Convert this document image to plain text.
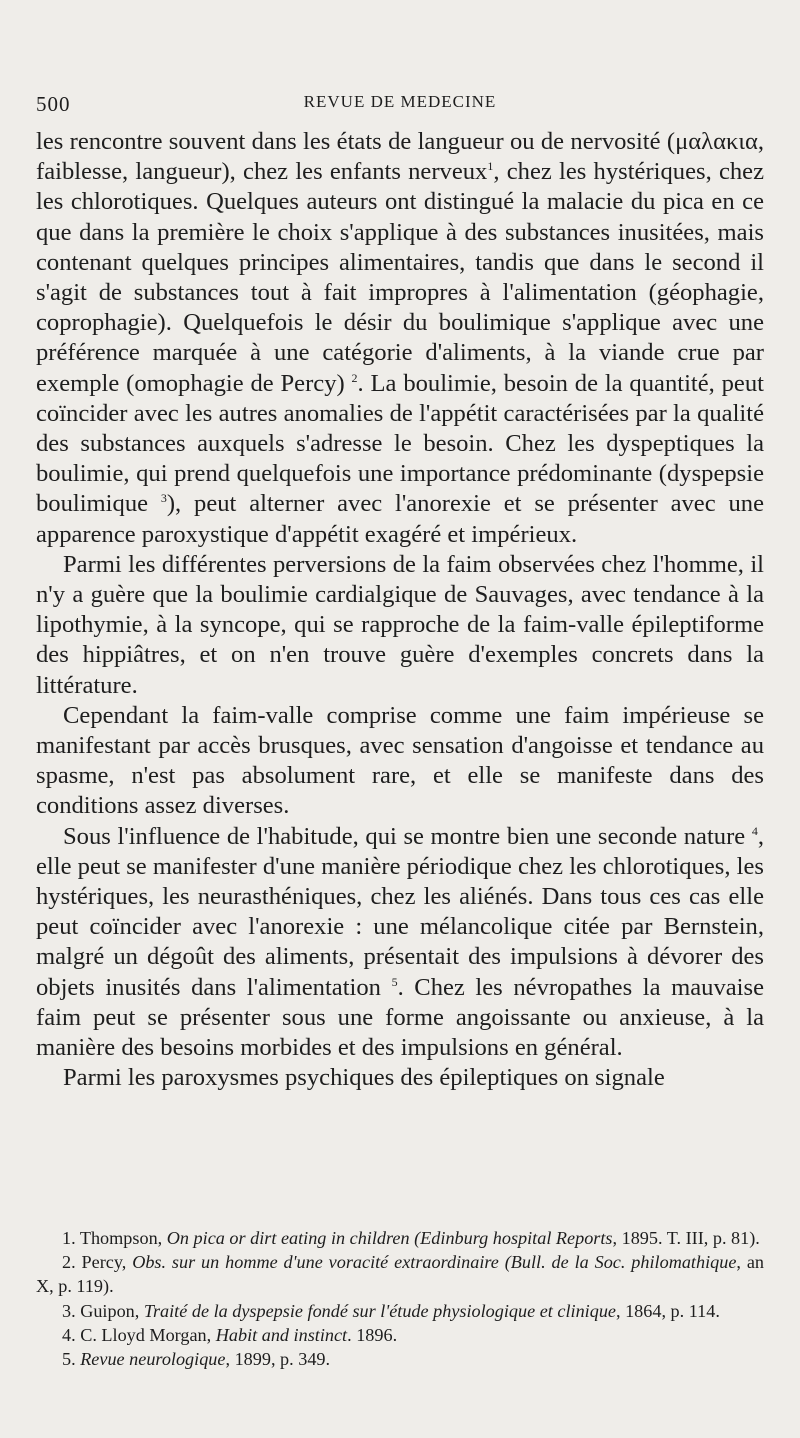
500	REVUE DE MEDECINE

les rencontre souvent dans les états de langueur ou de nervosité (μαλακια, faiblesse, langueur), chez les enfants nerveux$^1$, chez les hystériques, chez les chlorotiques. Quelques auteurs ont distingué la malacie du pica en ce que dans la première le choix s'applique à des substances inusitées, mais contenant quelques principes alimentaires, tandis que dans le second il s'agit de substances tout à fait impropres à l'alimentation (géophagie, coprophagie). Quelquefois le désir du boulimique s'applique avec une préférence marquée à une catégorie d'aliments, à la viande crue par exemple (omophagie de Percy) $^2$. La boulimie, besoin de la quantité, peut coïncider avec les autres anomalies de l'appétit caractérisées par la qualité des substances auxquels s'adresse le besoin. Chez les dyspeptiques la boulimie, qui prend quelquefois une importance prédominante (dyspepsie boulimique $^3$), peut alterner avec l'anorexie et se présenter avec une apparence paroxystique d'appétit exagéré et impérieux.

Parmi les différentes perversions de la faim observées chez l'homme, il n'y a guère que la boulimie cardialgique de Sauvages, avec tendance à la lipothymie, à la syncope, qui se rapproche de la faim-valle épileptiforme des hippiâtres, et on n'en trouve guère d'exemples concrets dans la littérature.

Cependant la faim-valle comprise comme une faim impérieuse se manifestant par accès brusques, avec sensation d'angoisse et tendance au spasme, n'est pas absolument rare, et elle se manifeste dans des conditions assez diverses.

Sous l'influence de l'habitude, qui se montre bien une seconde nature $^4$, elle peut se manifester d'une manière périodique chez les chlorotiques, les hystériques, les neurasthéniques, chez les aliénés. Dans tous ces cas elle peut coïncider avec l'anorexie : une mélancolique citée par Bernstein, malgré un dégoût des aliments, présentait des impulsions à dévorer des objets inusités dans l'alimentation $^5$. Chez les névropathes la mauvaise faim peut se présenter sous une forme angoissante ou anxieuse, à la manière des besoins morbides et des impulsions en général.

Parmi les paroxysmes psychiques des épileptiques on signale

1. Thompson, On pica or dirt eating in children (Edinburg hospital Reports, 1895. T. III, p. 81).

2. Percy, Obs. sur un homme d'une voracité extraordinaire (Bull. de la Soc. philomathique, an X, p. 119).

3. Guipon, Traité de la dyspepsie fondé sur l'étude physiologique et clinique, 1864, p. 114.

4. C. Lloyd Morgan, Habit and instinct. 1896.

5. Revue neurologique, 1899, p. 349.
